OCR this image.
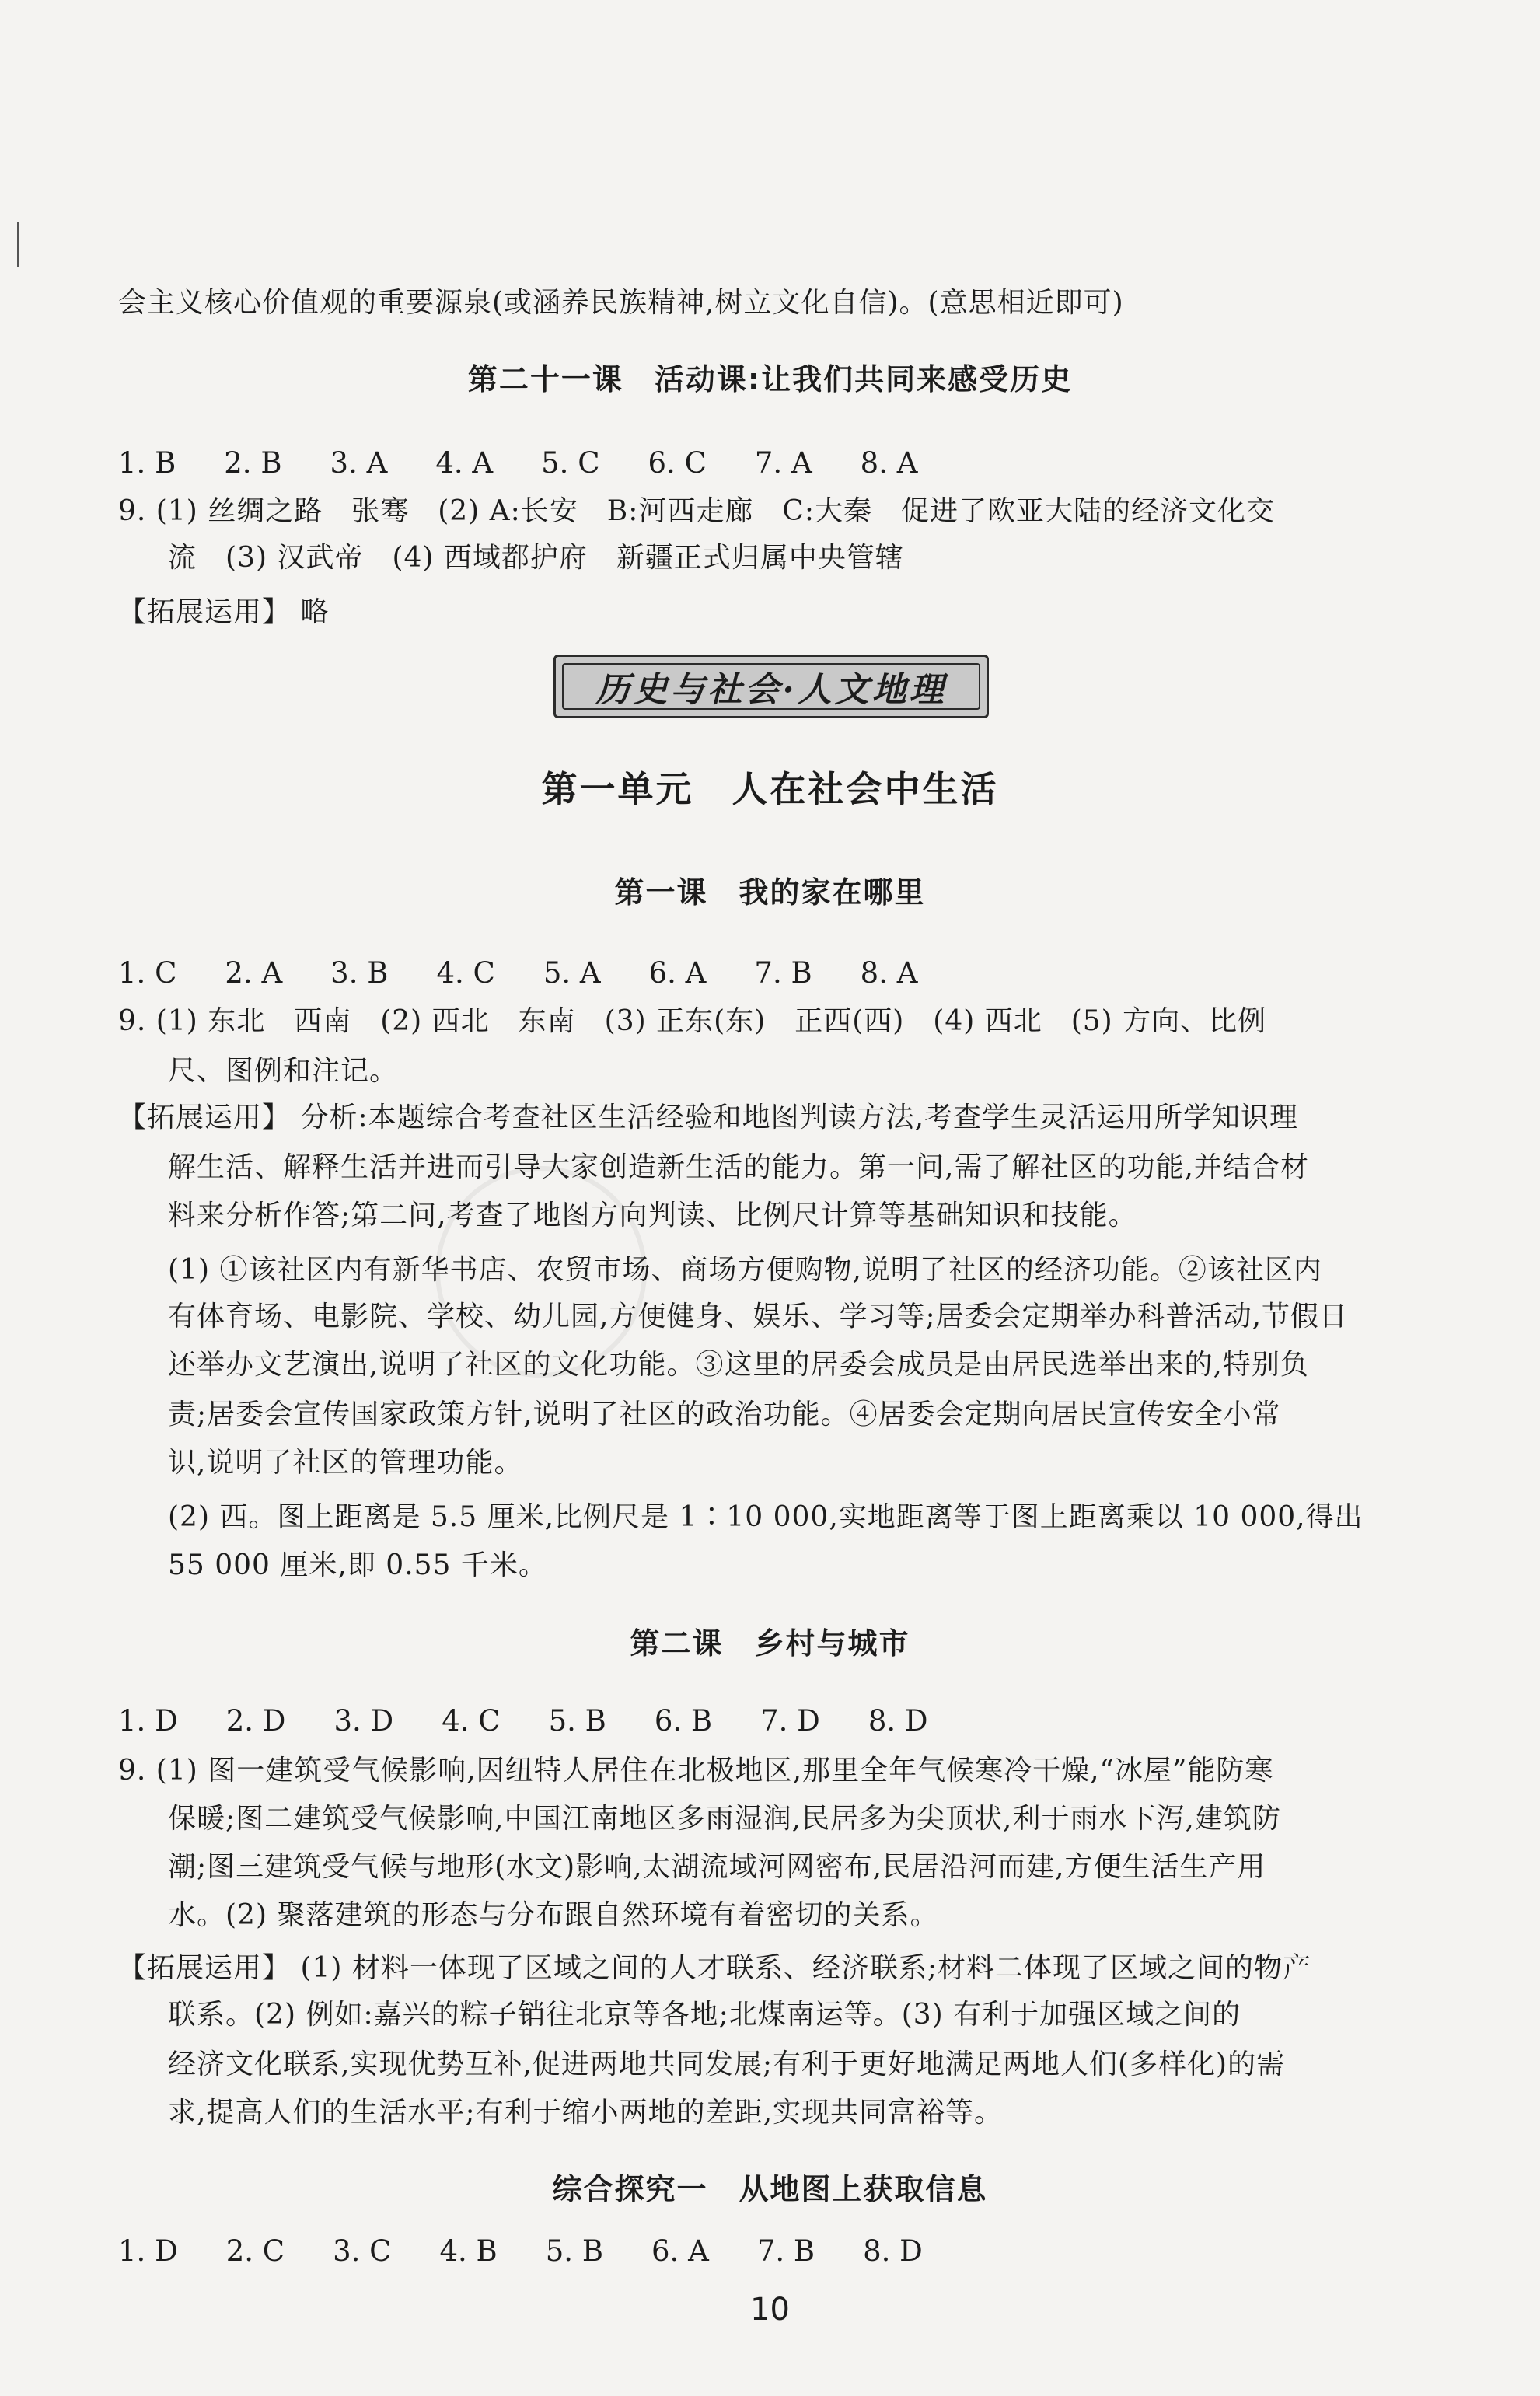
会主义核心价值观的重要源泉(或涵养民族精神,树立文化自信)。(意思相近即可)
第二十一课　活动课:让我们共同来感受历史
1. B 2. B 3. A 4. A 5. C 6. C 7. A 8. A
9. (1) 丝绸之路　张骞　(2) A:长安　B:河西走廊　C:大秦　促进了欧亚大陆的经济文化交
流　(3) 汉武帝　(4) 西域都护府　新疆正式归属中央管辖
【拓展运用】 略
历史与社会·人文地理
第一单元　人在社会中生活
第一课　我的家在哪里
1. C 2. A 3. B 4. C 5. A 6. A 7. B 8. A
9. (1) 东北　西南　(2) 西北　东南　(3) 正东(东)　正西(西)　(4) 西北　(5) 方向、比例
尺、图例和注记。
【拓展运用】 分析:本题综合考查社区生活经验和地图判读方法,考查学生灵活运用所学知识理
解生活、解释生活并进而引导大家创造新生活的能力。第一问,需了解社区的功能,并结合材
料来分析作答;第二问,考查了地图方向判读、比例尺计算等基础知识和技能。
(1) ①该社区内有新华书店、农贸市场、商场方便购物,说明了社区的经济功能。②该社区内
有体育场、电影院、学校、幼儿园,方便健身、娱乐、学习等;居委会定期举办科普活动,节假日
还举办文艺演出,说明了社区的文化功能。③这里的居委会成员是由居民选举出来的,特别负
责;居委会宣传国家政策方针,说明了社区的政治功能。④居委会定期向居民宣传安全小常
识,说明了社区的管理功能。
(2) 西。图上距离是 5.5 厘米,比例尺是 1∶10 000,实地距离等于图上距离乘以 10 000,得出
55 000 厘米,即 0.55 千米。
第二课　乡村与城市
1. D 2. D 3. D 4. C 5. B 6. B 7. D 8. D
9. (1) 图一建筑受气候影响,因纽特人居住在北极地区,那里全年气候寒冷干燥,“冰屋”能防寒
保暖;图二建筑受气候影响,中国江南地区多雨湿润,民居多为尖顶状,利于雨水下泻,建筑防
潮;图三建筑受气候与地形(水文)影响,太湖流域河网密布,民居沿河而建,方便生活生产用
水。(2) 聚落建筑的形态与分布跟自然环境有着密切的关系。
【拓展运用】 (1) 材料一体现了区域之间的人才联系、经济联系;材料二体现了区域之间的物产
联系。(2) 例如:嘉兴的粽子销往北京等各地;北煤南运等。(3) 有利于加强区域之间的
经济文化联系,实现优势互补,促进两地共同发展;有利于更好地满足两地人们(多样化)的需
求,提高人们的生活水平;有利于缩小两地的差距,实现共同富裕等。
综合探究一　从地图上获取信息
1. D 2. C 3. C 4. B 5. B 6. A 7. B 8. D
10
